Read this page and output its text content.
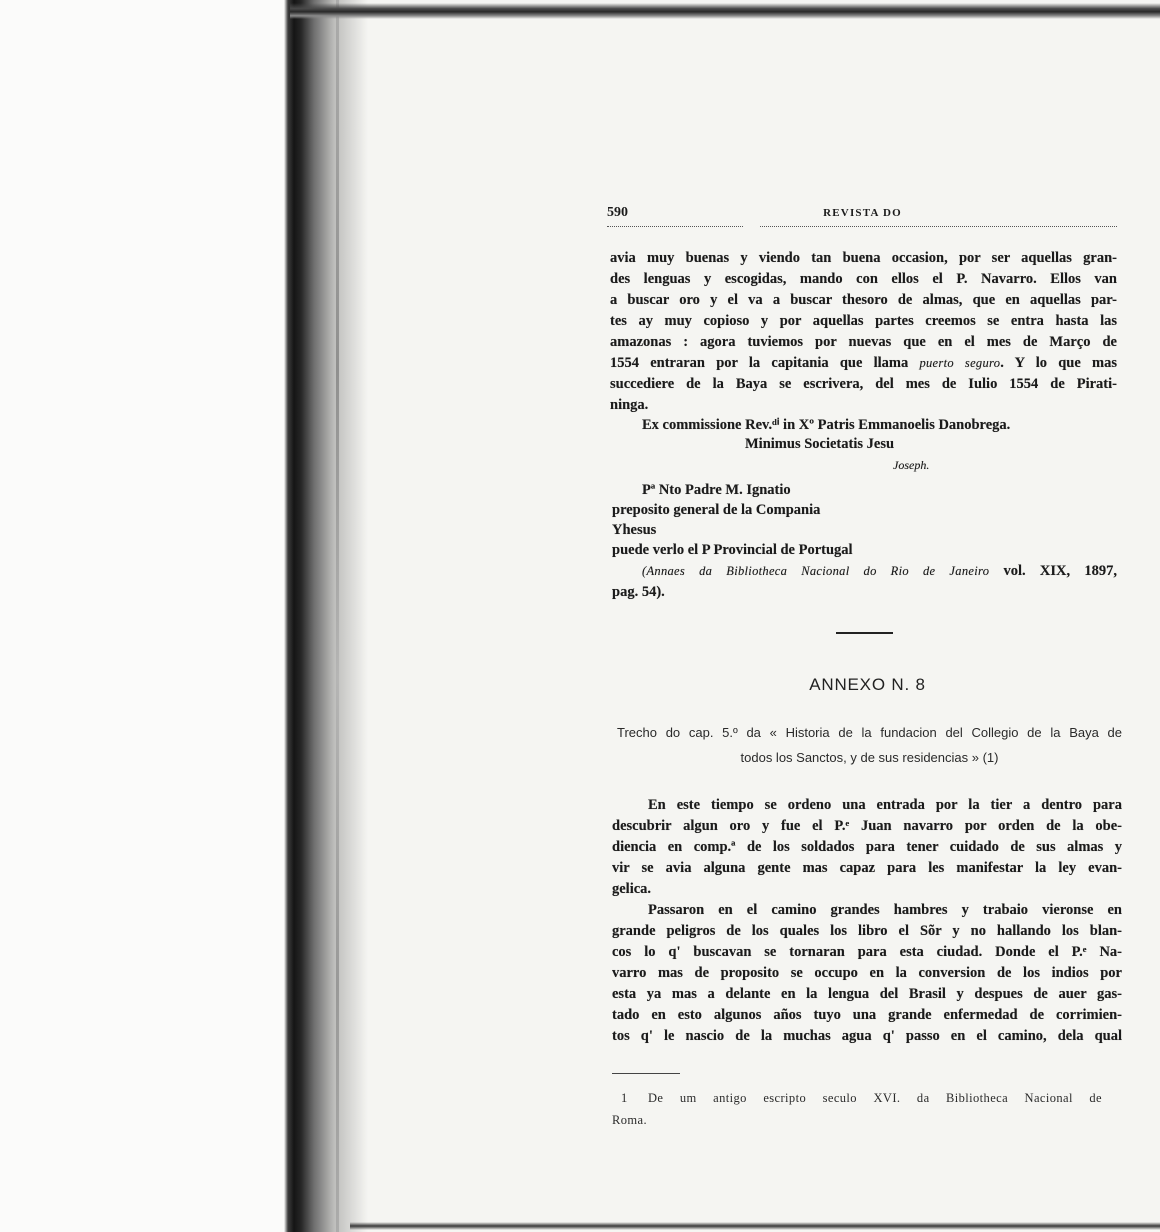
590	REVISTA DO
avia muy buenas y viendo tan buena occasion, por ser aquellas gran-
des lenguas y escogidas, mando con ellos el P. Navarro. Ellos van
a buscar oro y el va a buscar thesoro de almas, que en aquellas par-
tes ay muy copioso y por aquellas partes creemos se entra hasta las
amazonas : agora tuviemos por nuevas que en el mes de Março de
1554 entraran por la capitania que llama puerto seguro. Y lo que mas
succediere de la Baya se escrivera, del mes de Iulio 1554 de Pirati-
ninga.
Ex commissione Rev.ᵈⁱ in Xº Patris Emmanoelis Danobrega.
Minimus Societatis Jesu
Joseph.
Pª Nto Padre M. Ignatio
preposito general de la Compania
Yhesus
puede verlo el P Provincial de Portugal
(Annaes da Bibliotheca Nacional do Rio de Janeiro vol. XIX, 1897,
pag. 54).
ANNEXO N. 8
Trecho do cap. 5.º da « Historia de la fundacion del Collegio de la Baya de
todos los Sanctos, y de sus residencias » (1)
En este tiempo se ordeno una entrada por la tier a dentro para
descubrir algun oro y fue el P.ᵉ Juan navarro por orden de la obe-
diencia en comp.ª de los soldados para tener cuidado de sus almas y
vir se avia alguna gente mas capaz para les manifestar la ley evan-
gelica.
Passaron en el camino grandes hambres y trabaio vieronse en
grande peligros de los quales los libro el Sõr y no hallando los blan-
cos lo q' buscavan se tornaran para esta ciudad. Donde el P.ᵉ Na-
varro mas de proposito se occupo en la conversion de los indios por
esta ya mas a delante en la lengua del Brasil y despues de auer gas-
tado en esto algunos años tuyo una grande enfermedad de corrimien-
tos q' le nascio de la muchas agua q' passo en el camino, dela qual
1 De um antigo escripto seculo XVI. da Bibliotheca Nacional de
Roma.
